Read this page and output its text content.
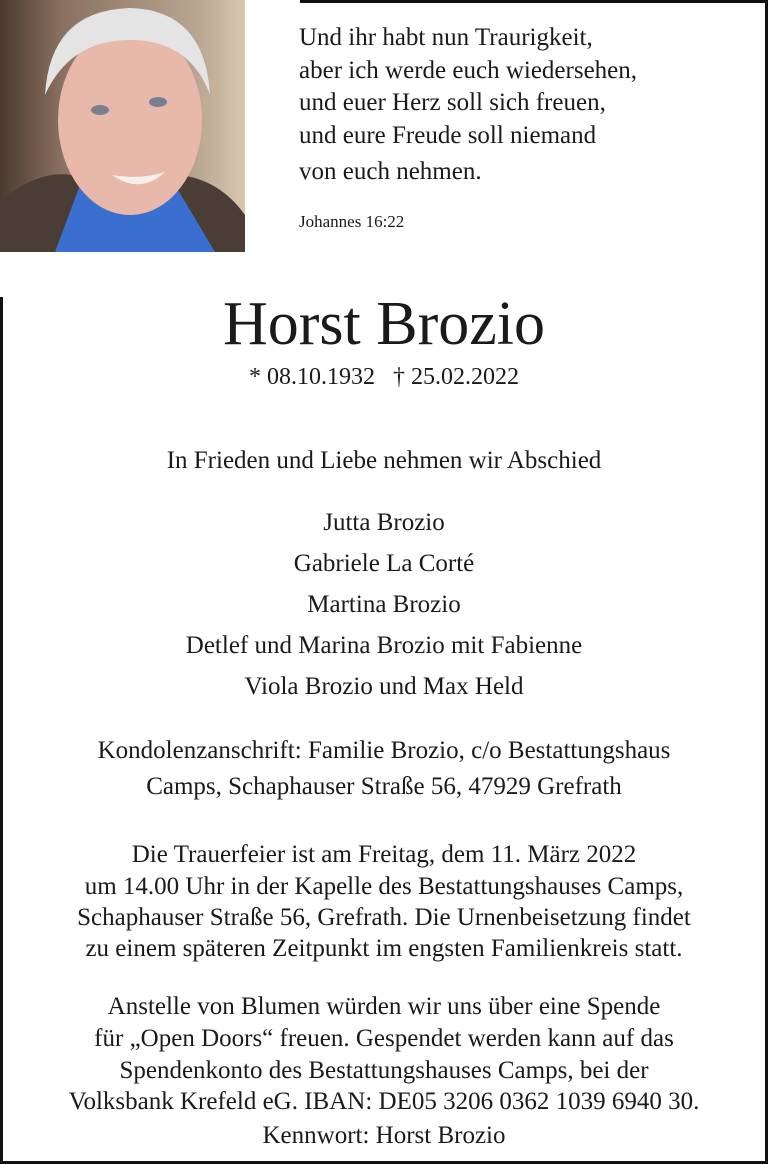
Und ihr habt nun Traurigkeit,
aber ich werde euch wiedersehen,
und euer Herz soll sich freuen,
und eure Freude soll niemand
von euch nehmen.
Johannes 16:22
Horst Brozio
* 08.10.1932   † 25.02.2022
In Frieden und Liebe nehmen wir Abschied
Jutta Brozio
Gabriele La Corté
Martina Brozio
Detlef und Marina Brozio mit Fabienne
Viola Brozio und Max Held
Kondolenzanschrift: Familie Brozio, c/o Bestattungshaus
Camps, Schaphauser Straße 56, 47929 Grefrath
Die Trauerfeier ist am Freitag, dem 11. März 2022
um 14.00 Uhr in der Kapelle des Bestattungshauses Camps,
Schaphauser Straße 56, Grefrath. Die Urnenbeisetzung findet
zu einem späteren Zeitpunkt im engsten Familienkreis statt.
Anstelle von Blumen würden wir uns über eine Spende
für „Open Doors“ freuen. Gespendet werden kann auf das
Spendenkonto des Bestattungshauses Camps, bei der
Volksbank Krefeld eG. IBAN: DE05 3206 0362 1039 6940 30.
Kennwort: Horst Brozio
